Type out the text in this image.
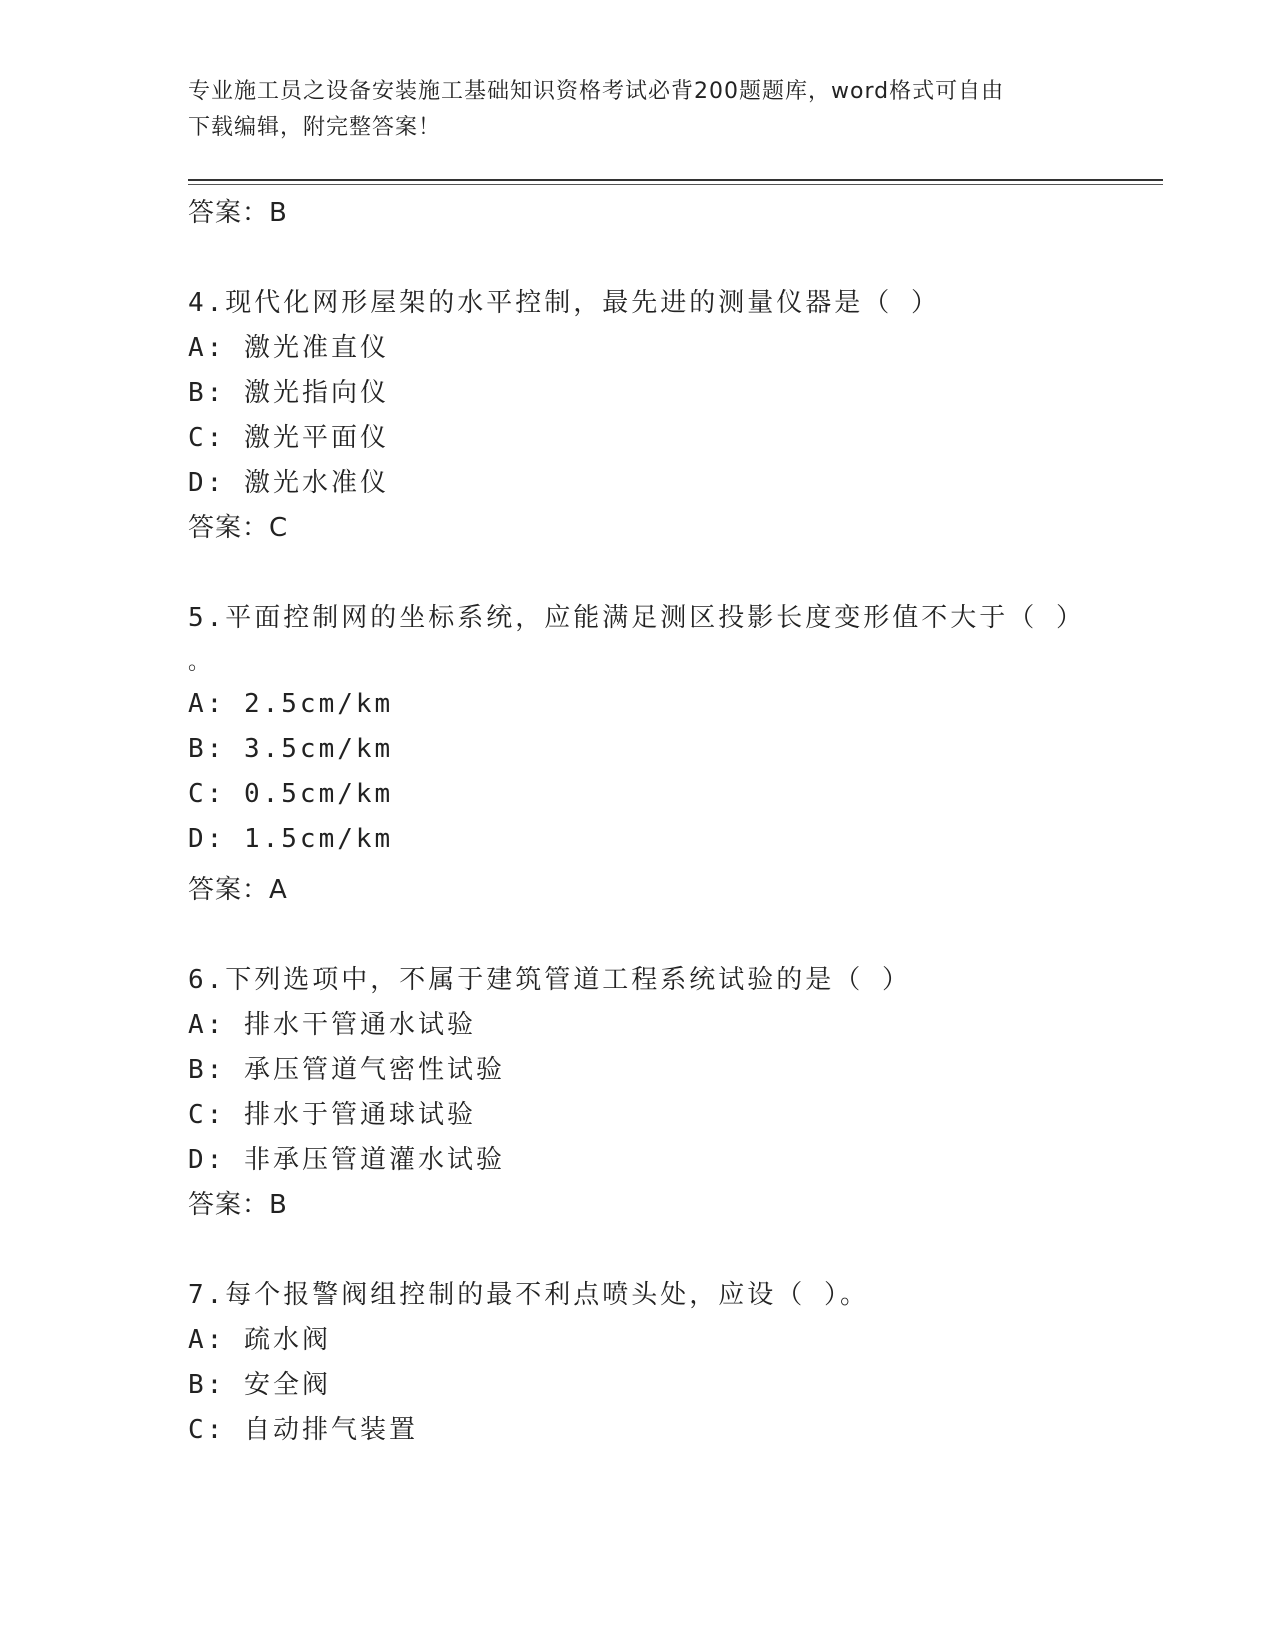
专业施工员之设备安装施工基础知识资格考试必背200题题库，word格式可自由
下载编辑，附完整答案！
答案：B
4.现代化网形屋架的水平控制，最先进的测量仪器是（ ）
A: 激光准直仪
B: 激光指向仪
C: 激光平面仪
D: 激光水准仪
答案：C
5.平面控制网的坐标系统，应能满足测区投影长度变形值不大于（ ）
。
A: 2.5cm/km
B: 3.5cm/km
C: 0.5cm/km
D: 1.5cm/km
答案：A
6.下列选项中，不属于建筑管道工程系统试验的是（ ）
A: 排水干管通水试验
B: 承压管道气密性试验
C: 排水于管通球试验
D: 非承压管道灌水试验
答案：B
7.每个报警阀组控制的最不利点喷头处，应设（ ）。
A: 疏水阀
B: 安全阀
C: 自动排气装置
